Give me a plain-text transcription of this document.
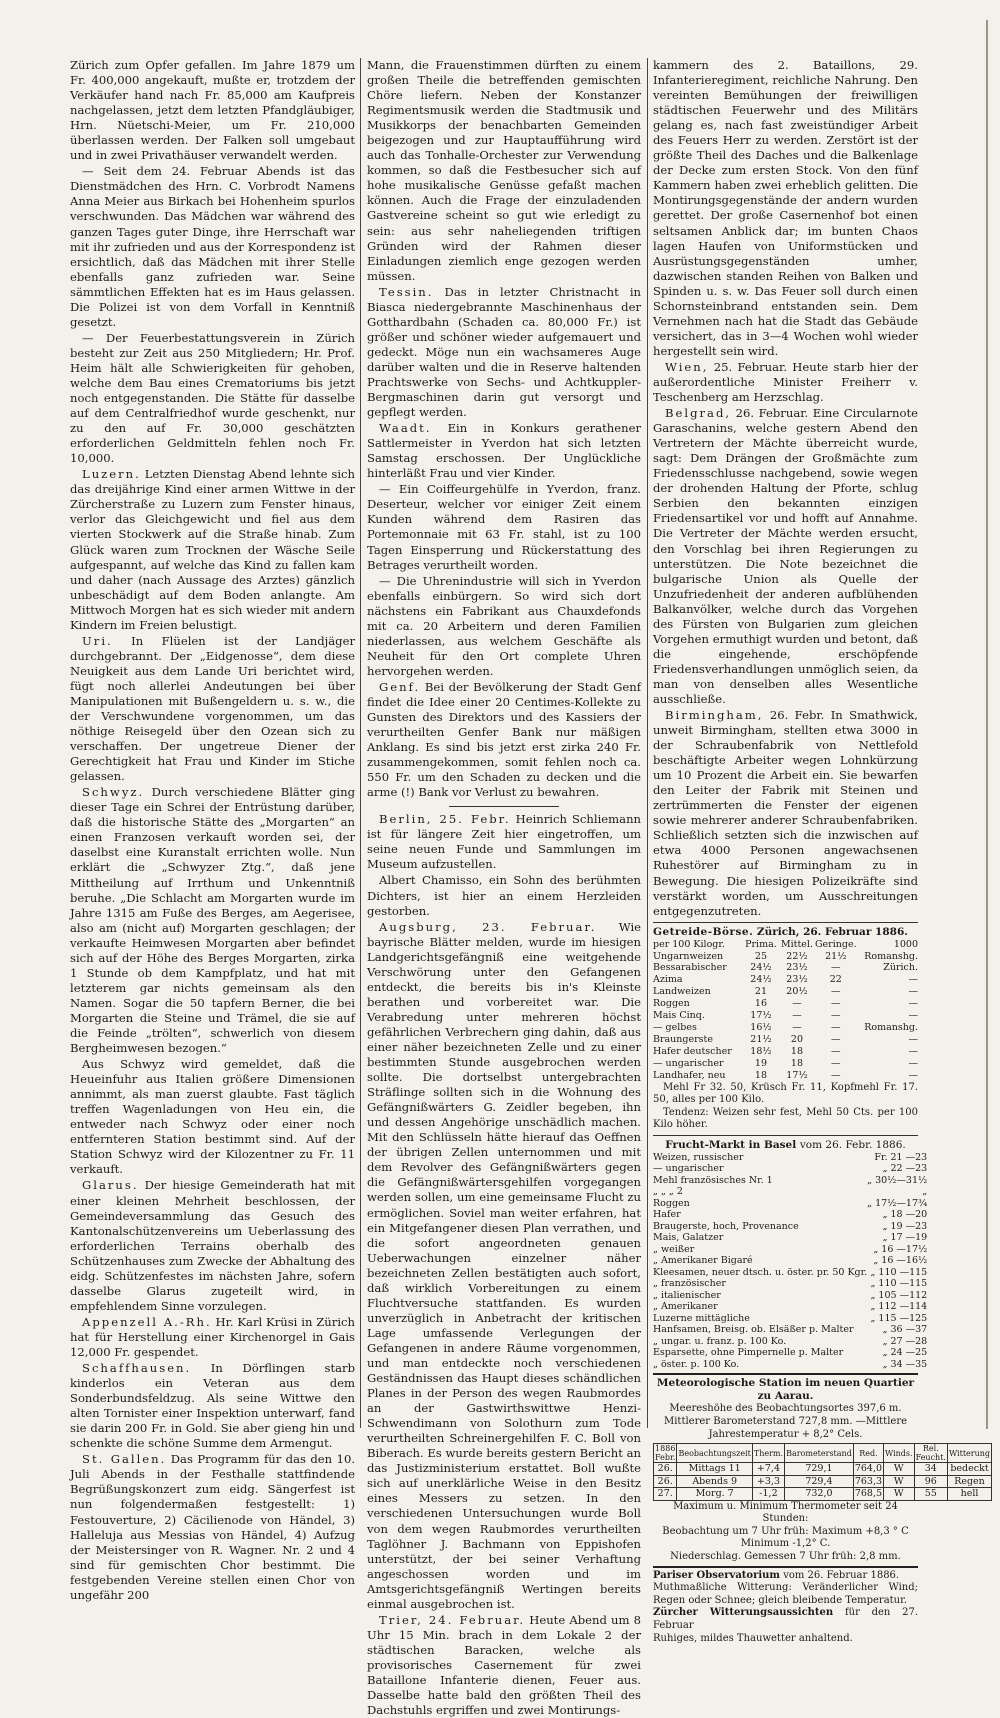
Zürich zum Opfer gefallen. Im Jahre 1879 um Fr. 400,000 angekauft, mußte er, trotzdem der Verkäufer hand nach Fr. 85,000 am Kaufpreis nachgelassen, jetzt dem letzten Pfandgläubiger, Hrn. Nüetschi-Meier, um Fr. 210,000 überlassen werden. Der Falken soll umgebaut und in zwei Privathäuser verwandelt werden.

— Seit dem 24. Februar Abends ist das Dienstmädchen des Hrn. C. Vorbrodt Namens Anna Meier aus Birkach bei Hohenheim spurlos verschwunden. Das Mädchen war während des ganzen Tages guter Dinge, ihre Herrschaft war mit ihr zufrieden und aus der Korrespondenz ist ersichtlich, daß das Mädchen mit ihrer Stelle ebenfalls ganz zufrieden war. Seine sämmtlichen Effekten hat es im Haus gelassen. Die Polizei ist von dem Vorfall in Kenntniß gesetzt.

— Der Feuerbestattungsverein in Zürich besteht zur Zeit aus 250 Mitgliedern; Hr. Prof. Heim hält alle Schwierigkeiten für gehoben, welche dem Bau eines Crematoriums bis jetzt noch entgegenstanden. Die Stätte für dasselbe auf dem Centralfriedhof wurde geschenkt, nur zu den auf Fr. 30,000 geschätzten erforderlichen Geldmitteln fehlen noch Fr. 10,000.

Luzern. Letzten Dienstag Abend lehnte sich das dreijährige Kind einer armen Wittwe in der Zürcherstraße zu Luzern zum Fenster hinaus, verlor das Gleichgewicht und fiel aus dem vierten Stockwerk auf die Straße hinab. Zum Glück waren zum Trocknen der Wäsche Seile aufgespannt, auf welche das Kind zu fallen kam und daher (nach Aussage des Arztes) gänzlich unbeschädigt auf dem Boden anlangte. Am Mittwoch Morgen hat es sich wieder mit andern Kindern im Freien belustigt.

Uri. In Flüelen ist der Landjäger durchgebrannt. Der „Eidgenosse“, dem diese Neuigkeit aus dem Lande Uri berichtet wird, fügt noch allerlei Andeutungen bei über Manipulationen mit Bußengeldern u. s. w., die der Verschwundene vorgenommen, um das nöthige Reisegeld über den Ozean sich zu verschaffen. Der ungetreue Diener der Gerechtigkeit hat Frau und Kinder im Stiche gelassen.

Schwyz. Durch verschiedene Blätter ging dieser Tage ein Schrei der Entrüstung darüber, daß die historische Stätte des „Morgarten“ an einen Franzosen verkauft worden sei, der daselbst eine Kuranstalt errichten wolle. Nun erklärt die „Schwyzer Ztg.“, daß jene Mittheilung auf Irrthum und Unkenntniß beruhe. „Die Schlacht am Morgarten wurde im Jahre 1315 am Fuße des Berges, am Aegerisee, also am (nicht auf) Morgarten geschlagen; der verkaufte Heimwesen Morgarten aber befindet sich auf der Höhe des Berges Morgarten, zirka 1 Stunde ob dem Kampfplatz, und hat mit letzterem gar nichts gemeinsam als den Namen. Sogar die 50 tapfern Berner, die bei Morgarten die Steine und Trämel, die sie auf die Feinde „trölten“, schwerlich von diesem Bergheimwesen bezogen.“

Aus Schwyz wird gemeldet, daß die Heueinfuhr aus Italien größere Dimensionen annimmt, als man zuerst glaubte. Fast täglich treffen Wagenladungen von Heu ein, die entweder nach Schwyz oder einer noch entfernteren Station bestimmt sind. Auf der Station Schwyz wird der Kilozentner zu Fr. 11 verkauft.

Glarus. Der hiesige Gemeinderath hat mit einer kleinen Mehrheit beschlossen, der Gemeindeversammlung das Gesuch des Kantonalschützenvereins um Ueberlassung des erforderlichen Terrains oberhalb des Schützenhauses zum Zwecke der Abhaltung des eidg. Schützenfestes im nächsten Jahre, sofern dasselbe Glarus zugeteilt wird, in empfehlendem Sinne vorzulegen.

Appenzell A.-Rh. Hr. Karl Krüsi in Zürich hat für Herstellung einer Kirchenorgel in Gais 12,000 Fr. gespendet.

Schaffhausen. In Dörflingen starb kinderlos ein Veteran aus dem Sonderbundsfeldzug. Als seine Wittwe den alten Tornister einer Inspektion unterwarf, fand sie darin 200 Fr. in Gold. Sie aber gieng hin und schenkte die schöne Summe dem Armengut.

St. Gallen. Das Programm für das den 10. Juli Abends in der Festhalle stattfindende Begrüßungskonzert zum eidg. Sängerfest ist nun folgendermaßen festgestellt: 1) Festouverture, 2) Cäcilienode von Händel, 3) Halleluja aus Messias von Händel, 4) Aufzug der Meistersinger von R. Wagner. Nr. 2 und 4 sind für gemischten Chor bestimmt. Die festgebenden Vereine stellen einen Chor von ungefähr 200

Mann, die Frauenstimmen dürften zu einem großen Theile die betreffenden gemischten Chöre liefern. Neben der Konstanzer Regimentsmusik werden die Stadtmusik und Musikkorps der benachbarten Gemeinden beigezogen und zur Hauptaufführung wird auch das Tonhalle-Orchester zur Verwendung kommen, so daß die Festbesucher sich auf hohe musikalische Genüsse gefaßt machen können. Auch die Frage der einzuladenden Gastvereine scheint so gut wie erledigt zu sein: aus sehr naheliegenden triftigen Gründen wird der Rahmen dieser Einladungen ziemlich enge gezogen werden müssen.

Tessin. Das in letzter Christnacht in Biasca niedergebrannte Maschinenhaus der Gotthardbahn (Schaden ca. 80,000 Fr.) ist größer und schöner wieder aufgemauert und gedeckt. Möge nun ein wachsameres Auge darüber walten und die in Reserve haltenden Prachtswerke von Sechs- und Achtkuppler-Bergmaschinen darin gut versorgt und gepflegt werden.

Waadt. Ein in Konkurs gerathener Sattlermeister in Yverdon hat sich letzten Samstag erschossen. Der Unglückliche hinterläßt Frau und vier Kinder.

— Ein Coiffeurgehülfe in Yverdon, franz. Deserteur, welcher vor einiger Zeit einem Kunden während dem Rasiren das Portemonnaie mit 63 Fr. stahl, ist zu 100 Tagen Einsperrung und Rückerstattung des Betrages verurtheilt worden.

— Die Uhrenindustrie will sich in Yverdon ebenfalls einbürgern. So wird sich dort nächstens ein Fabrikant aus Chauxdefonds mit ca. 20 Arbeitern und deren Familien niederlassen, aus welchem Geschäfte als Neuheit für den Ort complete Uhren hervorgehen werden.

Genf. Bei der Bevölkerung der Stadt Genf findet die Idee einer 20 Centimes-Kollekte zu Gunsten des Direktors und des Kassiers der verurtheilten Genfer Bank nur mäßigen Anklang. Es sind bis jetzt erst zirka 240 Fr. zusammengekommen, somit fehlen noch ca. 550 Fr. um den Schaden zu decken und die arme (!) Bank vor Verlust zu bewahren.

Berlin, 25. Febr. Heinrich Schliemann ist für längere Zeit hier eingetroffen, um seine neuen Funde und Sammlungen im Museum aufzustellen.

Albert Chamisso, ein Sohn des berühmten Dichters, ist hier an einem Herzleiden gestorben.

Augsburg, 23. Februar. Wie bayrische Blätter melden, wurde im hiesigen Landgerichtsgefängniß eine weitgehende Verschwörung unter den Gefangenen entdeckt, die bereits bis in's Kleinste berathen und vorbereitet war. Die Verabredung unter mehreren höchst gefährlichen Verbrechern ging dahin, daß aus einer näher bezeichneten Zelle und zu einer bestimmten Stunde ausgebrochen werden sollte. Die dortselbst untergebrachten Sträflinge sollten sich in die Wohnung des Gefängnißwärters G. Zeidler begeben, ihn und dessen Angehörige unschädlich machen. Mit den Schlüsseln hätte hierauf das Oeffnen der übrigen Zellen unternommen und mit dem Revolver des Gefängnißwärters gegen die Gefängnißwärtersgehilfen vorgegangen werden sollen, um eine gemeinsame Flucht zu ermöglichen. Soviel man weiter erfahren, hat ein Mitgefangener diesen Plan verrathen, und die sofort angeordneten genauen Ueberwachungen einzelner näher bezeichneten Zellen bestätigten auch sofort, daß wirklich Vorbereitungen zu einem Fluchtversuche stattfanden. Es wurden unverzüglich in Anbetracht der kritischen Lage umfassende Verlegungen der Gefangenen in andere Räume vorgenommen, und man entdeckte noch verschiedenen Geständnissen das Haupt dieses schändlichen Planes in der Person des wegen Raubmordes an der Gastwirthswittwe Henzi-Schwendimann von Solothurn zum Tode verurtheilten Schreinergehilfen F. C. Boll von Biberach. Es wurde bereits gestern Bericht an das Justizministerium erstattet. Boll wußte sich auf unerklärliche Weise in den Besitz eines Messers zu setzen. In den verschiedenen Untersuchungen wurde Boll von dem wegen Raubmordes verurtheilten Taglöhner J. Bachmann von Eppishofen unterstützt, der bei seiner Verhaftung angeschossen worden und im Amtsgerichtsgefängniß Wertingen bereits einmal ausgebrochen ist.

Trier, 24. Februar. Heute Abend um 8 Uhr 15 Min. brach in dem Lokale 2 der städtischen Baracken, welche als provisorisches Casernement für zwei Bataillone Infanterie dienen, Feuer aus. Dasselbe hatte bald den größten Theil des Dachstuhls ergriffen und zwei Montirungs-

kammern des 2. Bataillons, 29. Infanterieregiment, reichliche Nahrung. Den vereinten Bemühungen der freiwilligen städtischen Feuerwehr und des Militärs gelang es, nach fast zweistündiger Arbeit des Feuers Herr zu werden. Zerstört ist der größte Theil des Daches und die Balkenlage der Decke zum ersten Stock. Von den fünf Kammern haben zwei erheblich gelitten. Die Montirungsgegenstände der andern wurden gerettet. Der große Casernenhof bot einen seltsamen Anblick dar; im bunten Chaos lagen Haufen von Uniformstücken und Ausrüstungsgegenständen umher, dazwischen standen Reihen von Balken und Spinden u. s. w. Das Feuer soll durch einen Schornsteinbrand entstanden sein. Dem Vernehmen nach hat die Stadt das Gebäude versichert, das in 3—4 Wochen wohl wieder hergestellt sein wird.

Wien, 25. Februar. Heute starb hier der außerordentliche Minister Freiherr v. Teschenberg am Herzschlag.

Belgrad, 26. Februar. Eine Circularnote Garaschanins, welche gestern Abend den Vertretern der Mächte überreicht wurde, sagt: Dem Drängen der Großmächte zum Friedensschlusse nachgebend, sowie wegen der drohenden Haltung der Pforte, schlug Serbien den bekannten einzigen Friedensartikel vor und hofft auf Annahme. Die Vertreter der Mächte werden ersucht, den Vorschlag bei ihren Regierungen zu unterstützen. Die Note bezeichnet die bulgarische Union als Quelle der Unzufriedenheit der anderen aufblühenden Balkanvölker, welche durch das Vorgehen des Fürsten von Bulgarien zum gleichen Vorgehen ermuthigt wurden und betont, daß die eingehende, erschöpfende Friedensverhandlungen unmöglich seien, da man von denselben alles Wesentliche ausschließe.

Birmingham, 26. Febr. In Smathwick, unweit Birmingham, stellten etwa 3000 in der Schraubenfabrik von Nettlefold beschäftigte Arbeiter wegen Lohnkürzung um 10 Prozent die Arbeit ein. Sie bewarfen den Leiter der Fabrik mit Steinen und zertrümmerten die Fenster der eigenen sowie mehrerer anderer Schraubenfabriken. Schließlich setzten sich die inzwischen auf etwa 4000 Personen angewachsenen Ruhestörer auf Birmingham zu in Bewegung. Die hiesigen Polizeikräfte sind verstärkt worden, um Ausschreitungen entgegenzutreten.

Getreide-Börse. Zürich, 26. Februar 1886.
per 100 Kilogr.	Prima.	Mittel.	Geringe.	1000
Ungarnweizen	25	22½	21½	Romanshg.
Bessarabischer	24½	23½	—	Zürich.
Azima	24½	23½	22	—
Landweizen	21	20½	—	—
Roggen	16	—	—	—
Mais Cinq.	17½	—	—	—
— gelbes	16½	—	—	Romanshg.
Braungerste	21½	20	—	—
Hafer deutscher	18½	18	—	—
— ungarischer	19	18	—	—
Landhafer, neu	18	17½	—	—
Mehl Fr 32. 50, Krüsch Fr. 11, Kopfmehl Fr. 17. 50, alles per 100 Kilo.
Tendenz: Weizen sehr fest, Mehl 50 Cts. per 100 Kilo höher.
Frucht-Markt in Basel vom 26. Febr. 1886.
Weizen, russischer	Fr. 21 —23
— ungarischer	„ 22 —23
Mehl französisches Nr. 1	„ 30½—31½
„ „ „ 2	„
Roggen	„ 17½—17¾
Hafer	„ 18 —20
Braugerste, hoch, Provenance	„ 19 —23
Mais, Galatzer	„ 17 —19
„ weißer	„ 16 —17½
„ Amerikaner Bigaré	„ 16 —16½
Kleesamen, neuer dtsch. u. öster. pr. 50 Kgr.	„ 110 —115
„ französischer	„ 110 —115
„ italienischer	„ 105 —112
„ Amerikaner	„ 112 —114
Luzerne mittägliche	„ 115 —125
Hanfsamen, Breisg. ob. Elsäßer p. Malter	„ 36 —37
„ ungar. u. franz. p. 100 Ko.	„ 27 —28
Esparsette, ohne Pimpernelle p. Malter	„ 24 —25
„ öster. p. 100 Ko.	„ 34 —35
Meteorologische Station im neuen Quartier zu Aarau.
Meereshöhe des Beobachtungsortes 397,6 m.
Mittlerer Barometerstand 727,8 mm. —Mittlere Jahrestemperatur + 8,2° Cels.
1886 Febr.	Beobachtungszeit	Therm.	Barometerstand	Red.	Winds.	Rel. Feucht.	Witterung
26.	Mittags 11	+7,4	729,1	764,0	W	34	bedeckt
26.	Abends 9	+3,3	729,4	763,3	W	96	Regen
27.	Morg. 7	-1,2	732,0	768,5	W	55	hell
Maximum u. Minimum Thermometer seit 24 Stunden:
Beobachtung um 7 Uhr früh: Maximum +8,3 ° C
Minimum -1,2° C.
Niederschlag. Gemessen 7 Uhr früh: 2,8 mm.
Pariser Observatorium vom 26. Februar 1886.
Muthmaßliche Witterung: Veränderlicher Wind; Regen oder Schnee; gleich bleibende Temperatur.
Zürcher Witterungsaussichten für den 27. Februar
Ruhiges, mildes Thauwetter anhaltend.
